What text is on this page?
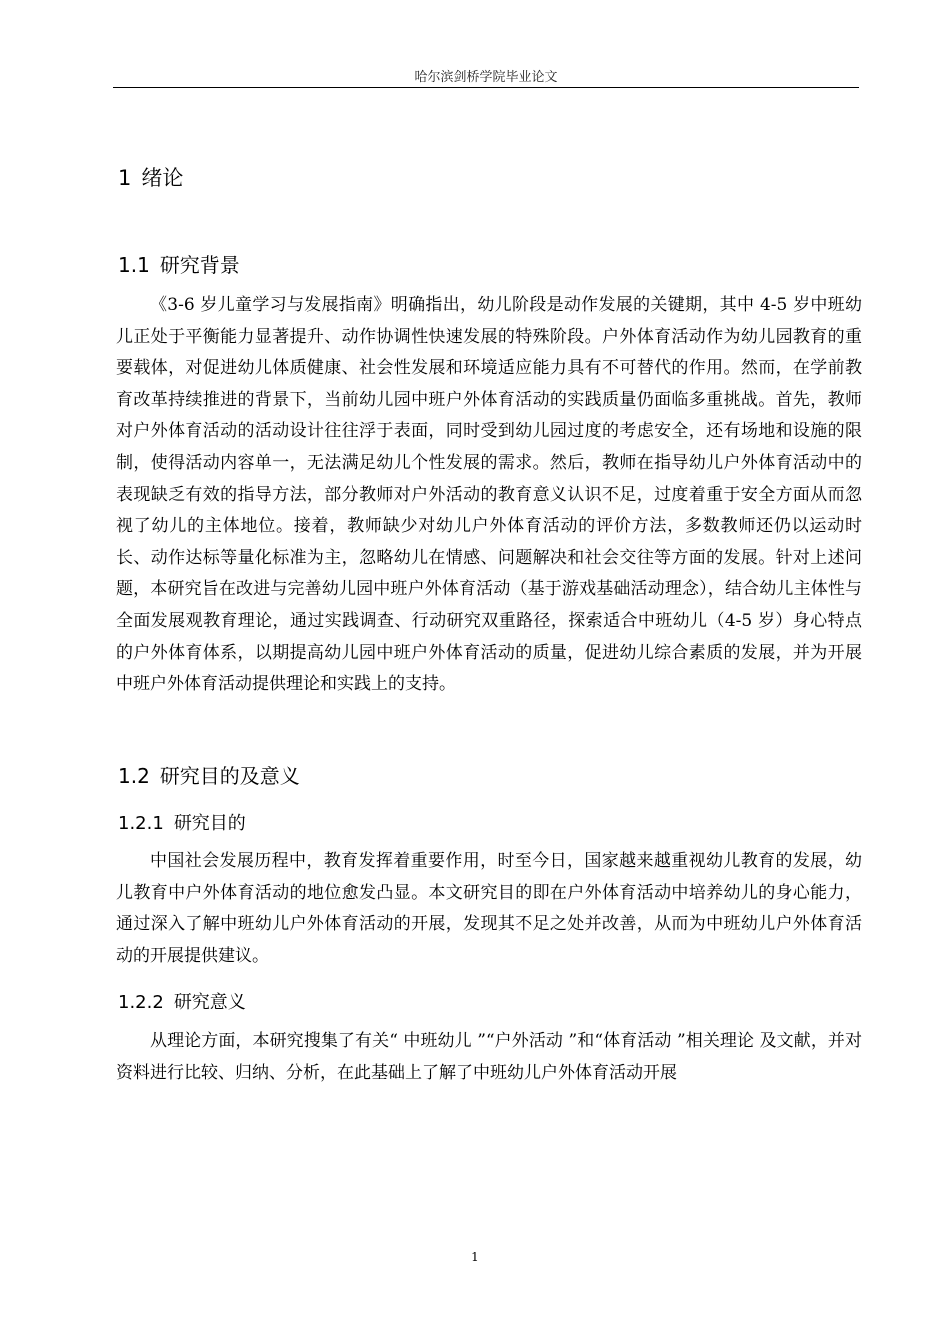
哈尔滨剑桥学院毕业论文
1 绪论
1.1 研究背景

《3-6 岁儿童学习与发展指南》明确指出，幼儿阶段是动作发展的关键期，其中 4-5 岁中班幼儿正处于平衡能力显著提升、动作协调性快速发展的特殊阶段。户外体育活动作为幼儿园教育的重要载体，对促进幼儿体质健康、社会性发展和环境适应能力具有不可替代的作用。然而，在学前教育改革持续推进的背景下，当前幼儿园中班户外体育活动的实践质量仍面临多重挑战。首先，教师对户外体育活动的活动设计往往浮于表面，同时受到幼儿园过度的考虑安全，还有场地和设施的限制，使得活动内容单一，无法满足幼儿个性发展的需求。然后，教师在指导幼儿户外体育活动中的表现缺乏有效的指导方法，部分教师对户外活动的教育意义认识不足，过度着重于安全方面从而忽视了幼儿的主体地位。接着，教师缺少对幼儿户外体育活动的评价方法，多数教师还仍以运动时长、动作达标等量化标准为主，忽略幼儿在情感、问题解决和社会交往等方面的发展。针对上述问题，本研究旨在改进与完善幼儿园中班户外体育活动（基于游戏基础活动理念），结合幼儿主体性与全面发展观教育理论，通过实践调查、行动研究双重路径，探索适合中班幼儿（4-5 岁）身心特点的户外体育体系，以期提高幼儿园中班户外体育活动的质量，促进幼儿综合素质的发展，并为开展中班户外体育活动提供理论和实践上的支持。

1.2 研究目的及意义
1.2.1 研究目的

中国社会发展历程中，教育发挥着重要作用，时至今日，国家越来越重视幼儿教育的发展，幼儿教育中户外体育活动的地位愈发凸显。本文研究目的即在户外体育活动中培养幼儿的身心能力，通过深入了解中班幼儿户外体育活动的开展，发现其不足之处并改善，从而为中班幼儿户外体育活动的开展提供建议。

1.2.2 研究意义

从理论方面，本研究搜集了有关“ 中班幼儿 ”“户外活动 ”和“体育活动 ”相关理论 及文献，并对资料进行比较、归纳、分析，在此基础上了解了中班幼儿户外体育活动开展

1
